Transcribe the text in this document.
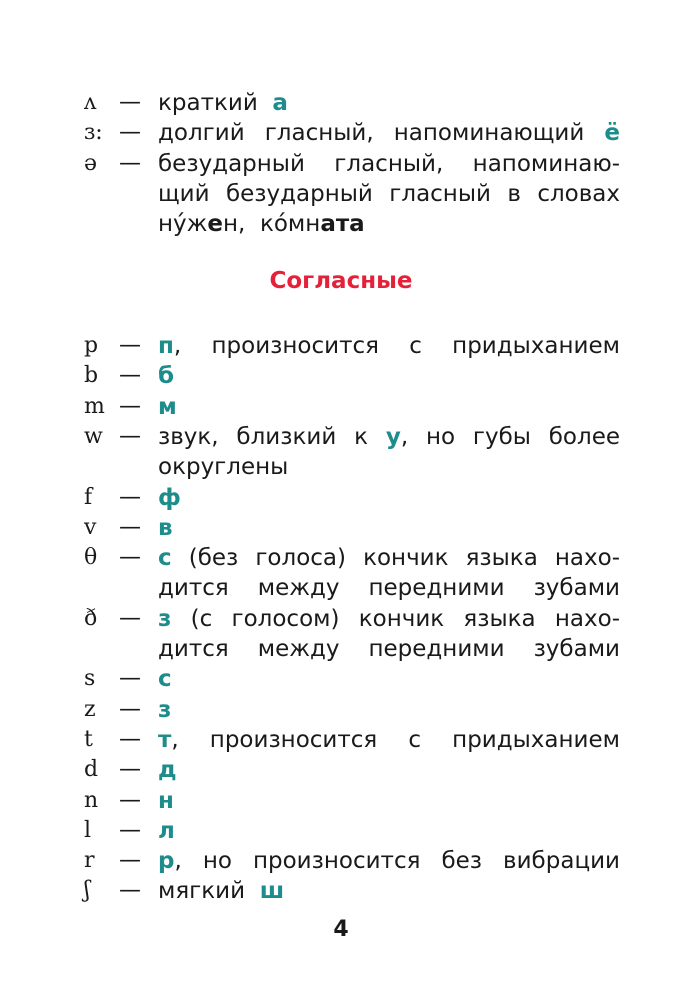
ʌ — краткий  а
ɜ: — долгий гласный, напоминающий ё
ə — безударный гласный, напоминаю-
щий безударный гласный в словах
ну́жен,  ко́мната
Согласные
p — п, произносится с придыханием
b — б
m — м
w — звук, близкий к у, но губы более
округлены
f — ф
v — в
θ — с (без голоса) кончик языка нахо-
дится между передними зубами
ð — з (с голосом) кончик языка нахо-
дится между передними зубами
s — с
z — з
t — т, произносится с придыханием
d — д
n — н
l — л
r — р, но произносится без вибрации
ʃ — мягкий  ш
4
